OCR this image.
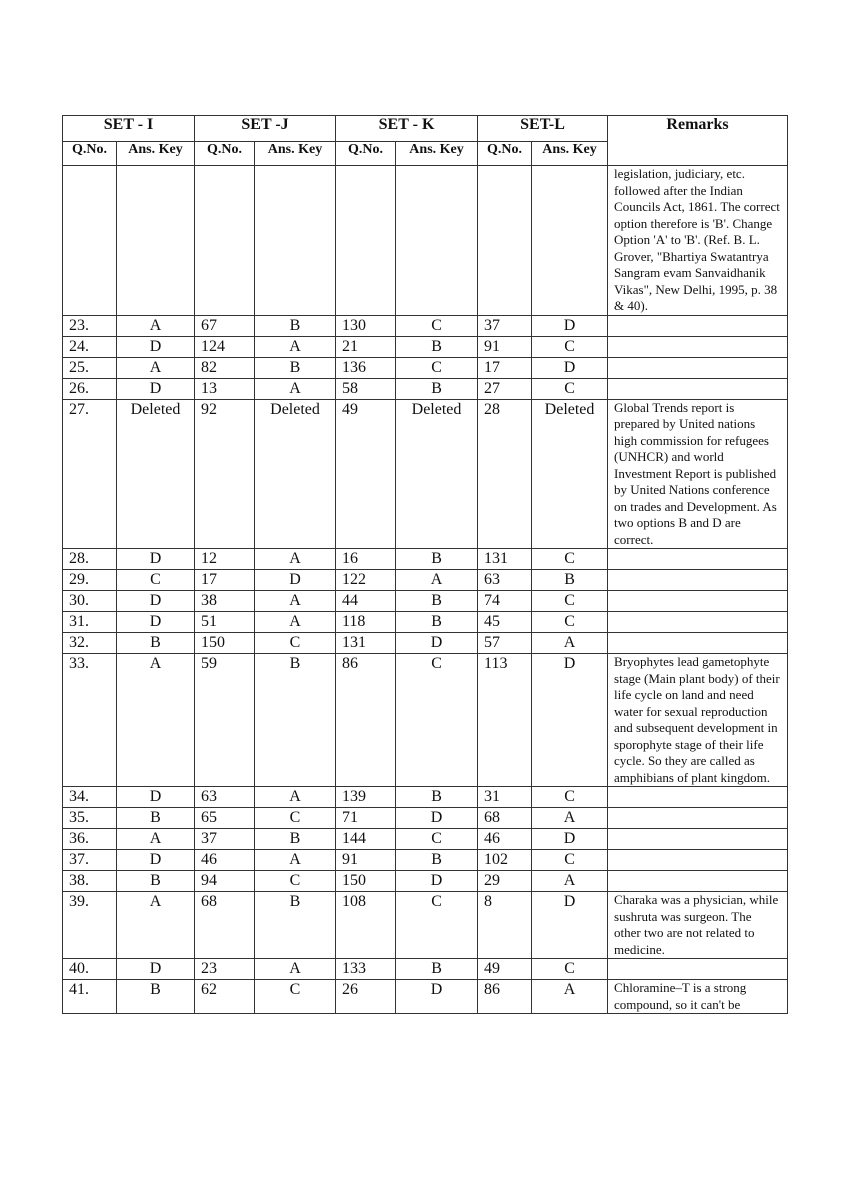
SET - I		SET -J		SET - K		SET-L		Remarks
Q.No.	Ans. Key	Q.No.	Ans. Key	Q.No.	Ans. Key	Q.No.	Ans. Key	
								legislation, judiciary, etc. followed after the Indian Councils Act, 1861. The correct option therefore is 'B'. Change Option 'A' to 'B'. (Ref. B. L. Grover, "Bhartiya Swatantrya Sangram evam Sanvaidhanik Vikas", New Delhi, 1995, p. 38 & 40).
23.	A	67	B	130	C	37	D	
24.	D	124	A	21	B	91	C	
25.	A	82	B	136	C	17	D	
26.	D	13	A	58	B	27	C	
27.	Deleted	92	Deleted	49	Deleted	28	Deleted	Global Trends report is prepared by United nations high commission for refugees (UNHCR) and world Investment Report is published by United Nations conference on trades and Development. As two options B and D are correct.
28.	D	12	A	16	B	131	C	
29.	C	17	D	122	A	63	B	
30.	D	38	A	44	B	74	C	
31.	D	51	A	118	B	45	C	
32.	B	150	C	131	D	57	A	
33.	A	59	B	86	C	113	D	Bryophytes lead gametophyte stage (Main plant body) of their life cycle on land and need water for sexual reproduction and subsequent development in sporophyte stage of their life cycle. So they are called as amphibians of plant kingdom.
34.	D	63	A	139	B	31	C	
35.	B	65	C	71	D	68	A	
36.	A	37	B	144	C	46	D	
37.	D	46	A	91	B	102	C	
38.	B	94	C	150	D	29	A	
39.	A	68	B	108	C	8	D	Charaka was a physician, while sushruta was surgeon. The other two are not related to medicine.
40.	D	23	A	133	B	49	C	
41.	B	62	C	26	D	86	A	Chloramine–T is a strong compound, so it can't be
